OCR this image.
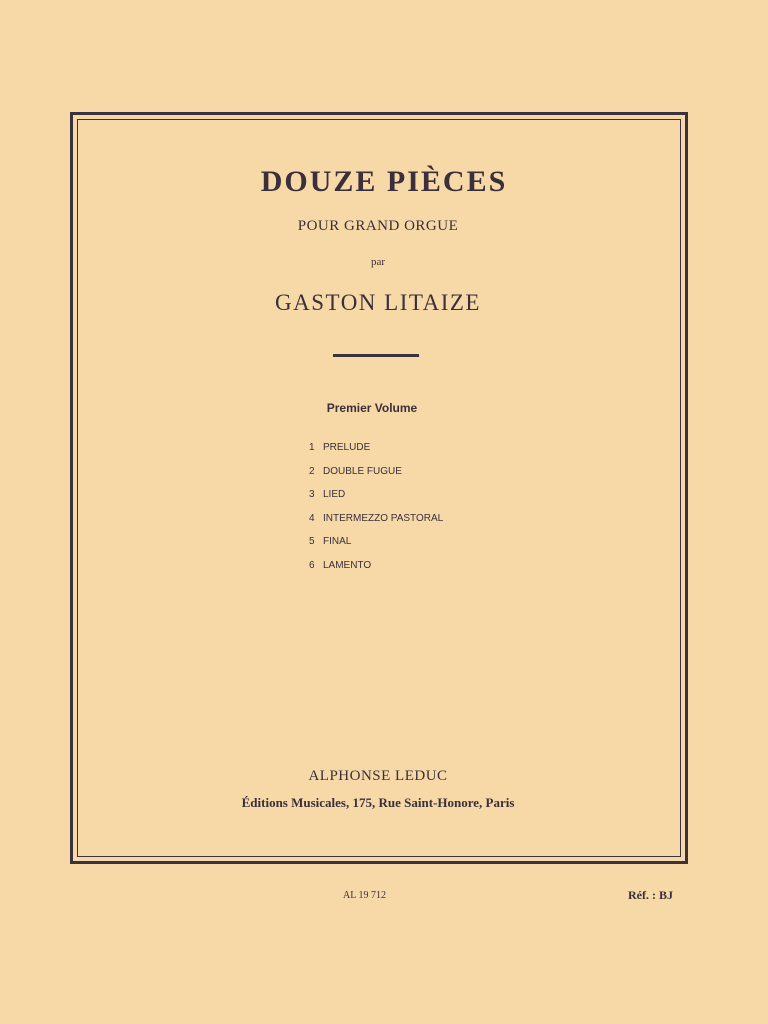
DOUZE PIÈCES
POUR GRAND ORGUE
par
GASTON LITAIZE
Premier Volume
1 PRELUDE
2 DOUBLE FUGUE
3 LIED
4 INTERMEZZO PASTORAL
5 FINAL
6 LAMENTO
ALPHONSE LEDUC
Éditions Musicales, 175, Rue Saint-Honore, Paris
AL 19 712	Réf. : BJ
